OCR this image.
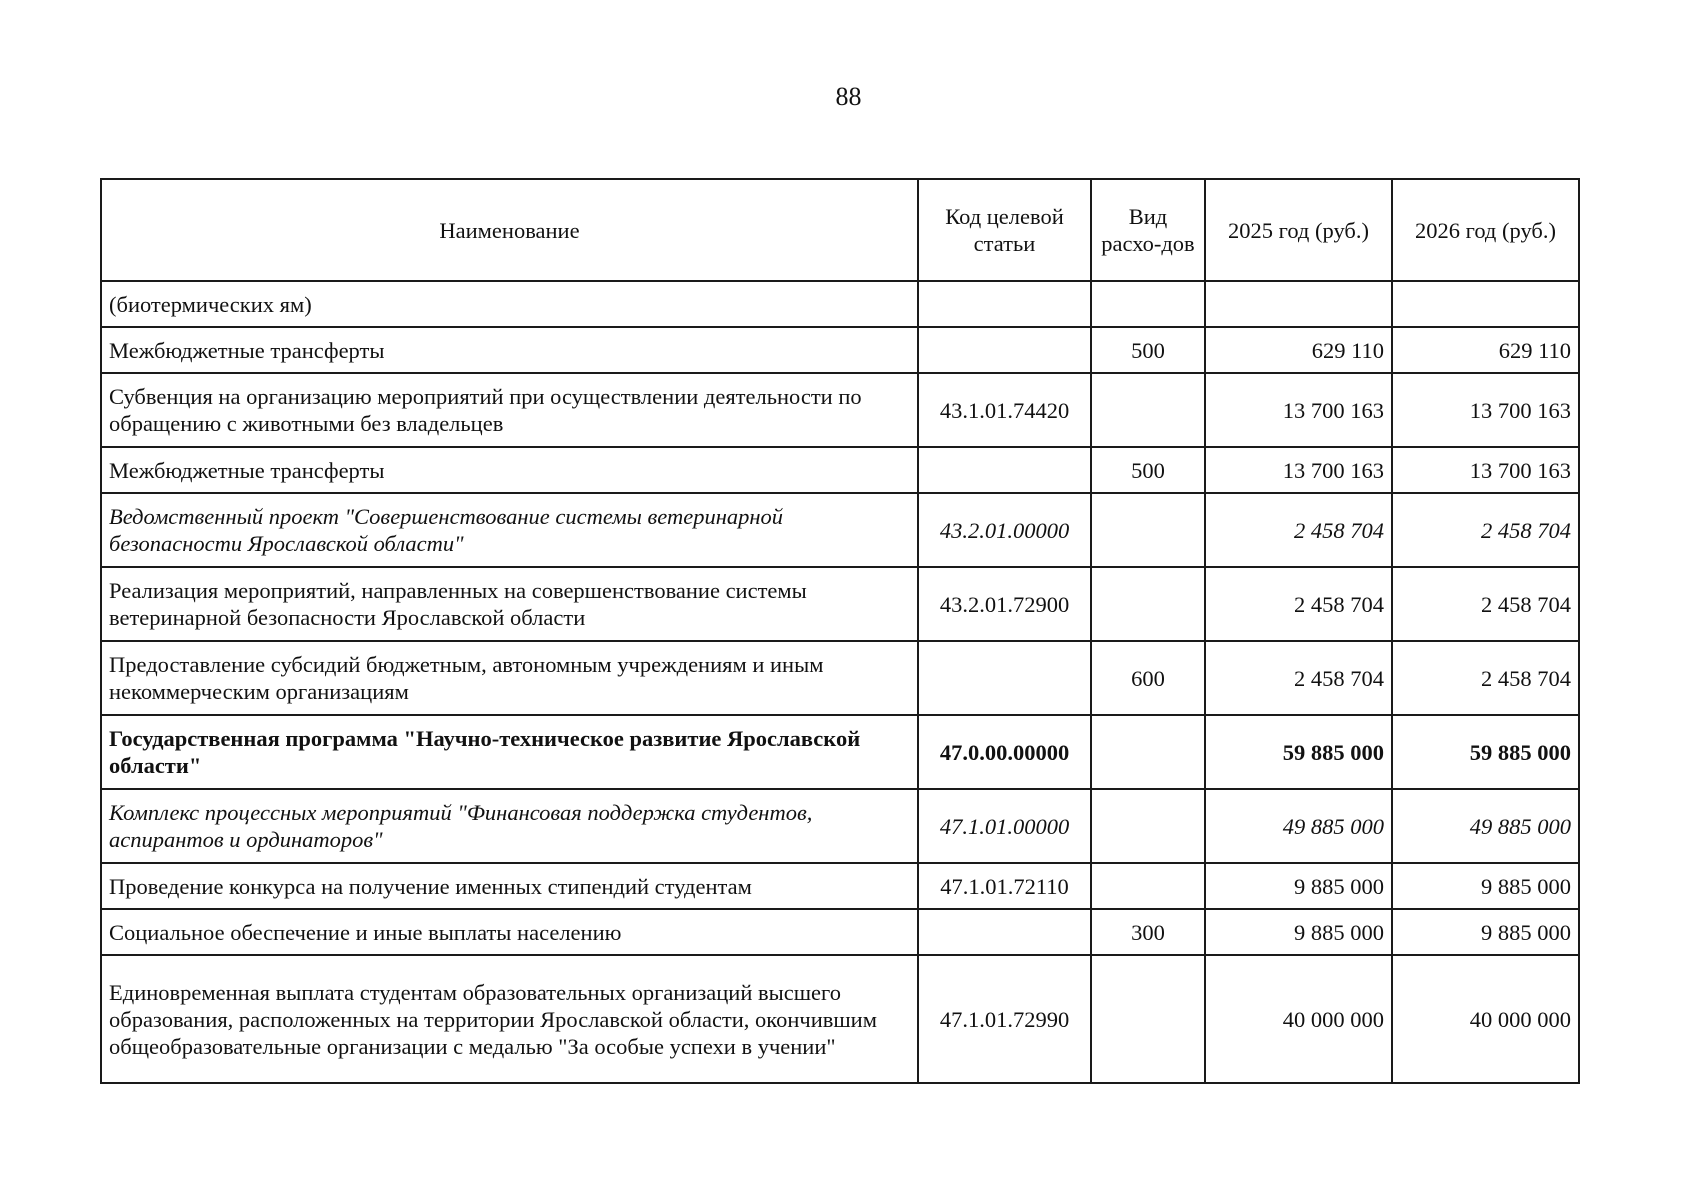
88
Наименование	Код целевой статьи	Вид расхо-дов	2025 год (руб.)	2026 год (руб.)
(биотермических ям)				
Межбюджетные трансферты		500	629 110	629 110
Субвенция на организацию мероприятий при осуществлении деятельности по обращению с животными без владельцев	43.1.01.74420		13 700 163	13 700 163
Межбюджетные трансферты		500	13 700 163	13 700 163
Ведомственный проект "Совершенствование системы ветеринарной безопасности Ярославской области"	43.2.01.00000		2 458 704	2 458 704
Реализация мероприятий, направленных на совершенствование системы ветеринарной безопасности Ярославской области	43.2.01.72900		2 458 704	2 458 704
Предоставление субсидий бюджетным, автономным учреждениям и иным некоммерческим организациям		600	2 458 704	2 458 704
Государственная программа "Научно-техническое развитие Ярославской области"	47.0.00.00000		59 885 000	59 885 000
Комплекс процессных мероприятий "Финансовая поддержка студентов, аспирантов и ординаторов"	47.1.01.00000		49 885 000	49 885 000
Проведение конкурса на получение именных стипендий студентам	47.1.01.72110		9 885 000	9 885 000
Социальное обеспечение и иные выплаты населению		300	9 885 000	9 885 000
Единовременная выплата студентам образовательных организаций высшего образования, расположенных на территории Ярославской области, окончившим общеобразовательные организации с медалью "За особые успехи в учении"	47.1.01.72990		40 000 000	40 000 000
